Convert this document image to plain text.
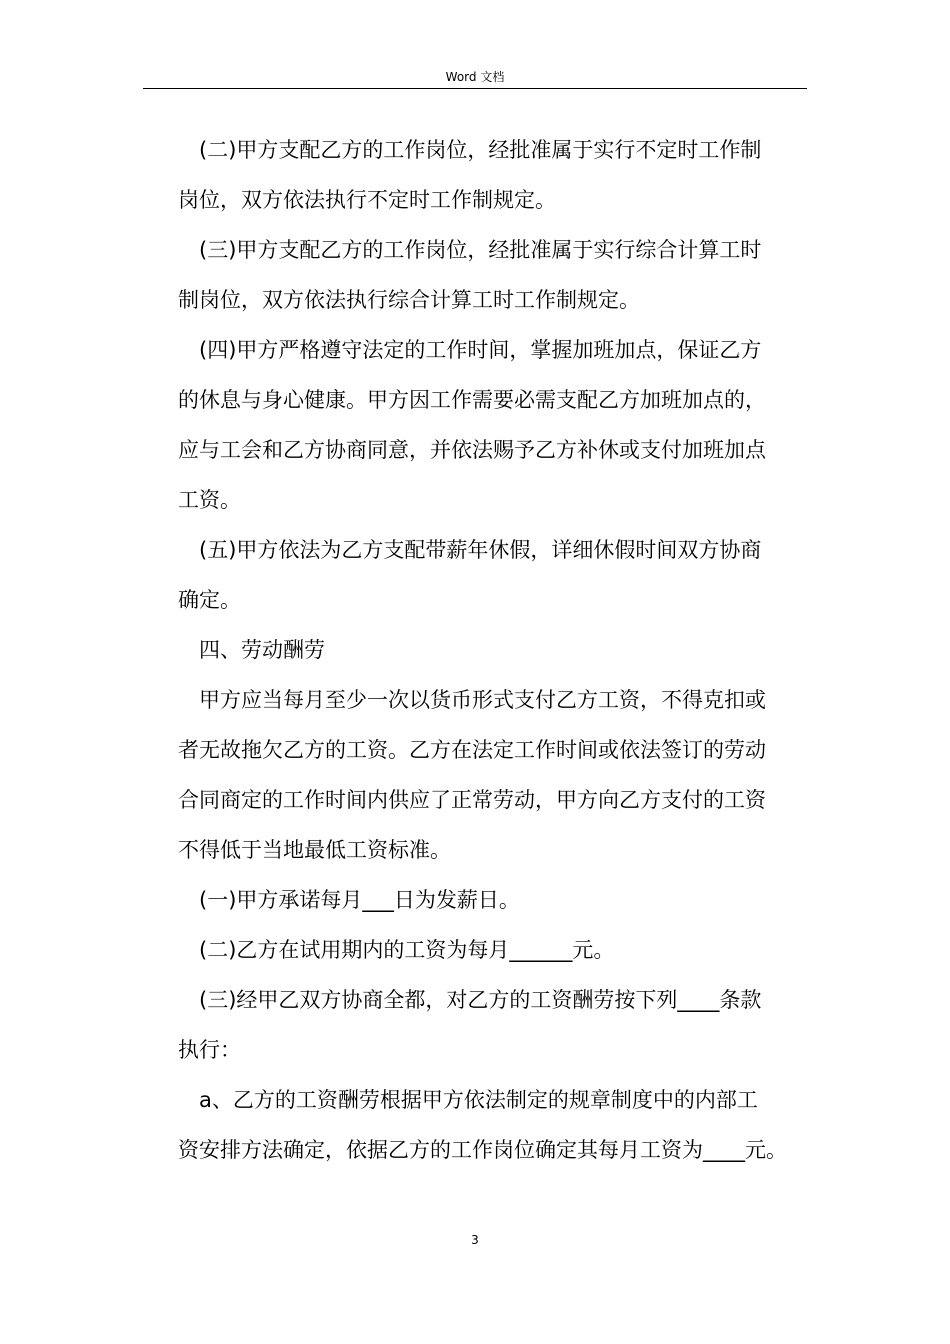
Word 文档
(二)甲方支配乙方的工作岗位，经批准属于实行不定时工作制
岗位，双方依法执行不定时工作制规定。
(三)甲方支配乙方的工作岗位，经批准属于实行综合计算工时
制岗位，双方依法执行综合计算工时工作制规定。
(四)甲方严格遵守法定的工作时间，掌握加班加点，保证乙方
的休息与身心健康。甲方因工作需要必需支配乙方加班加点的，
应与工会和乙方协商同意，并依法赐予乙方补休或支付加班加点
工资。
(五)甲方依法为乙方支配带薪年休假，详细休假时间双方协商
确定。
四、劳动酬劳
甲方应当每月至少一次以货币形式支付乙方工资，不得克扣或
者无故拖欠乙方的工资。乙方在法定工作时间或依法签订的劳动
合同商定的工作时间内供应了正常劳动，甲方向乙方支付的工资
不得低于当地最低工资标准。
(一)甲方承诺每月___日为发薪日。
(二)乙方在试用期内的工资为每月______元。
(三)经甲乙双方协商全都，对乙方的工资酬劳按下列____条款
执行：
a、乙方的工资酬劳根据甲方依法制定的规章制度中的内部工
资安排方法确定，依据乙方的工作岗位确定其每月工资为____元。
3
